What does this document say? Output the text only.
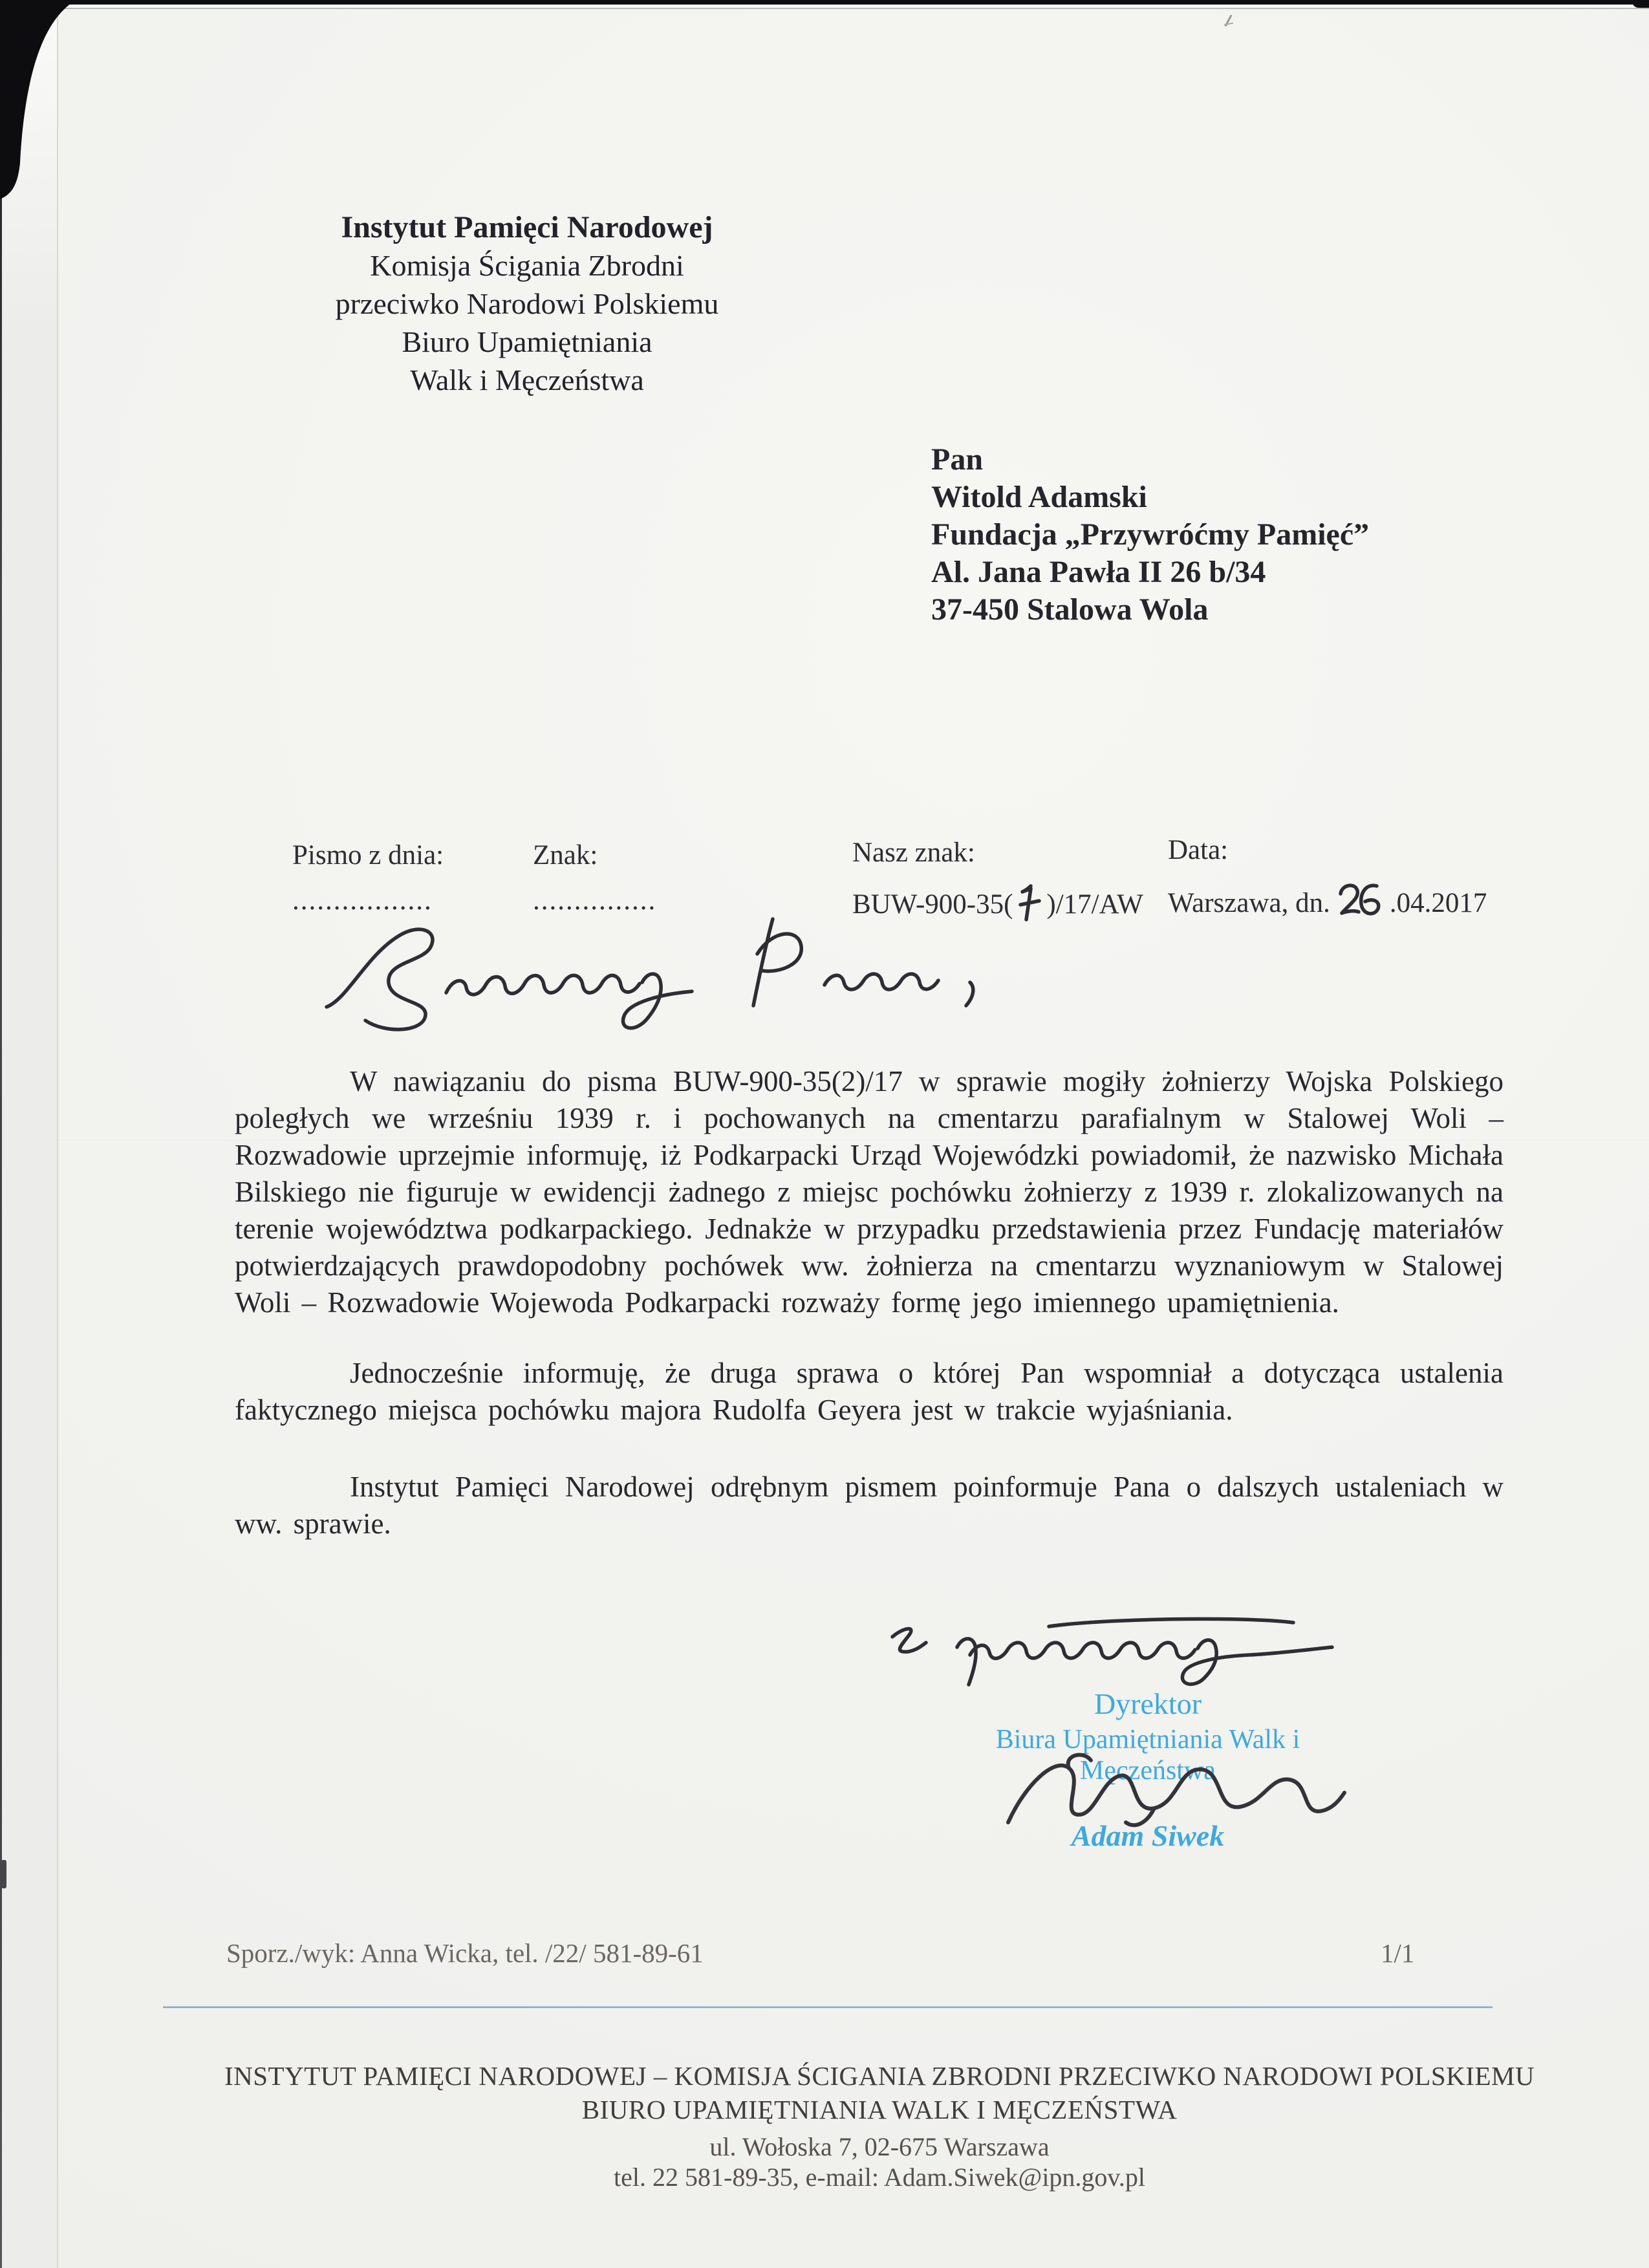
Instytut Pamięci Narodowej
Komisja Ścigania Zbrodni
przeciwko Narodowi Polskiemu
Biuro Upamiętniania
Walk i Męczeństwa
Pan
Witold Adamski
Fundacja „Przywróćmy Pamięć”
Al. Jana Pawła II 26 b/34
37-450 Stalowa Wola
Pismo z dnia:
.................
Znak:
...............
Nasz znak:
BUW-900-35( )/17/AW
Data:
Warszawa, dn. .04.2017

W nawiązaniu do pisma BUW-900-35(2)/17 w sprawie mogiły żołnierzy Wojska Polskiego poległych we wrześniu 1939 r. i pochowanych na cmentarzu parafialnym w Stalowej Woli – Rozwadowie uprzejmie informuję, iż Podkarpacki Urząd Wojewódzki powiadomił, że nazwisko Michała Bilskiego nie figuruje w ewidencji żadnego z miejsc pochówku żołnierzy z 1939 r. zlokalizowanych na terenie województwa podkarpackiego. Jednakże w przypadku przedstawienia przez Fundację materiałów potwierdzających prawdopodobny pochówek ww. żołnierza na cmentarzu wyznaniowym w Stalowej Woli – Rozwadowie Wojewoda Podkarpacki rozważy formę jego imiennego upamiętnienia.

Jednocześnie informuję, że druga sprawa o której Pan wspomniał a dotycząca ustalenia faktycznego miejsca pochówku majora Rudolfa Geyera jest w trakcie wyjaśniania.

Instytut Pamięci Narodowej odrębnym pismem poinformuje Pana o dalszych ustaleniach w ww. sprawie.

Dyrektor
Biura Upamiętniania Walk i Męczeństwa
Adam Siwek
Sporz./wyk: Anna Wicka, tel. /22/ 581-89-61	1/1
INSTYTUT PAMIĘCI NARODOWEJ – KOMISJA ŚCIGANIA ZBRODNI PRZECIWKO NARODOWI POLSKIEMU
BIURO UPAMIĘTNIANIA WALK I MĘCZEŃSTWA
ul. Wołoska 7, 02-675 Warszawa
tel. 22 581-89-35, e-mail: Adam.Siwek@ipn.gov.pl
